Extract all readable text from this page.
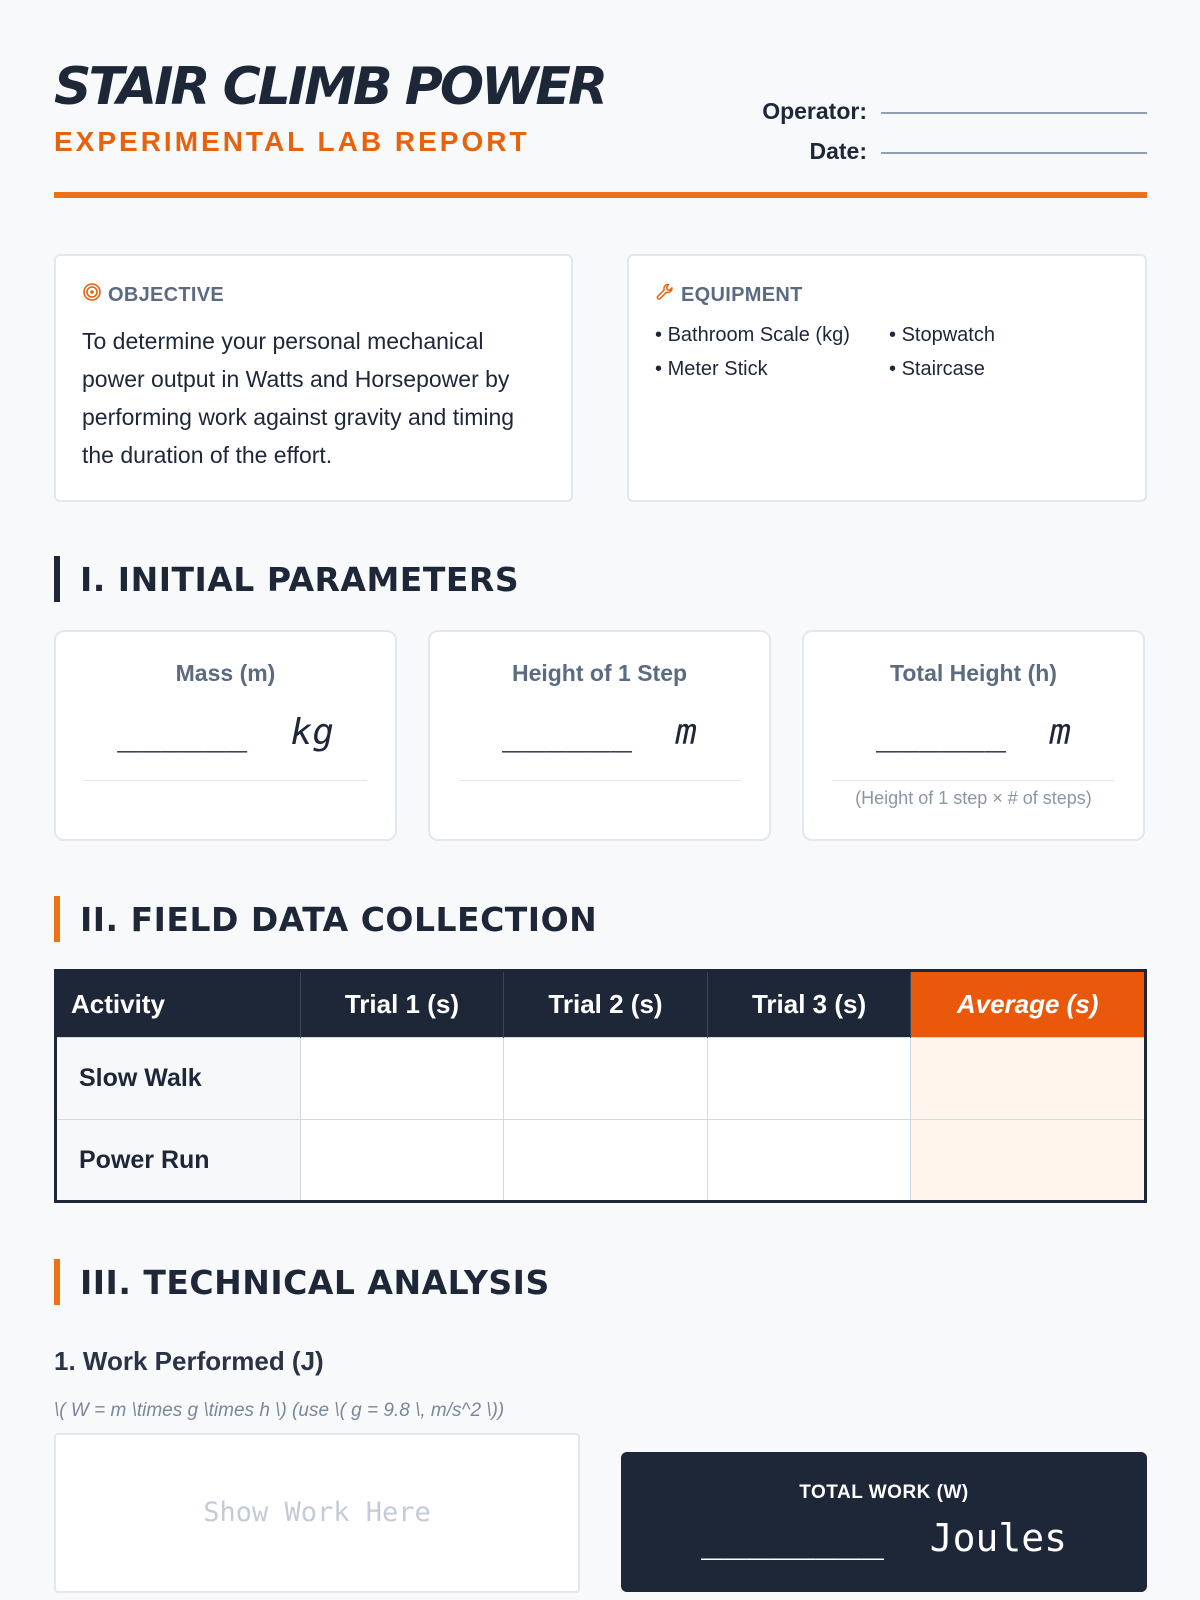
STAIR CLIMB POWER
EXPERIMENTAL LAB REPORT
Operator:
Date:
OBJECTIVE
To determine your personal mechanical power output in Watts and Horsepower by performing work against gravity and timing the duration of the effort.
EQUIPMENT
• Bathroom Scale (kg)	• Stopwatch
• Meter Stick	• Staircase
I. INITIAL PARAMETERS
Mass (m)
______ kg
Height of 1 Step
______ m
Total Height (h)
______ m
(Height of 1 step × # of steps)
II. FIELD DATA COLLECTION
Activity	Trial 1 (s)	Trial 2 (s)	Trial 3 (s)	Average (s)
Slow Walk				
Power Run				
III. TECHNICAL ANALYSIS
1. Work Performed (J)
\( W = m \times g \times h \) (use \( g = 9.8 \, m/s^2 \))
Show Work Here
TOTAL WORK (W)
________ Joules
